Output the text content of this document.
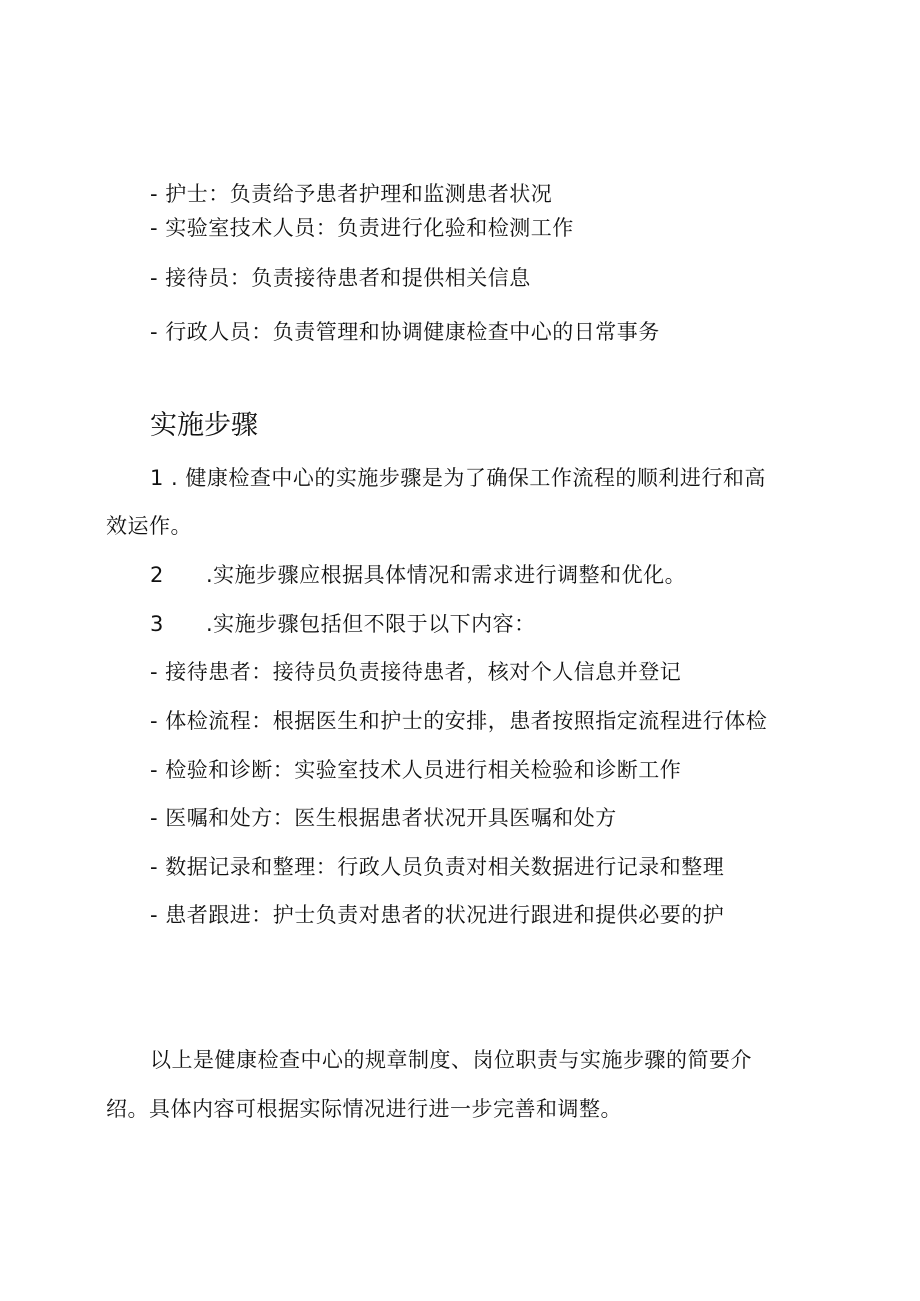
- 护士：负责给予患者护理和监测患者状况
- 实验室技术人员：负责进行化验和检测工作
- 接待员：负责接待患者和提供相关信息
- 行政人员：负责管理和协调健康检查中心的日常事务
实施步骤
1 . 健康检查中心的实施步骤是为了确保工作流程的顺利进行和高
效运作。
2 .实施步骤应根据具体情况和需求进行调整和优化。
3 .实施步骤包括但不限于以下内容：
- 接待患者：接待员负责接待患者，核对个人信息并登记
- 体检流程：根据医生和护士的安排，患者按照指定流程进行体检
- 检验和诊断：实验室技术人员进行相关检验和诊断工作
- 医嘱和处方：医生根据患者状况开具医嘱和处方
- 数据记录和整理：行政人员负责对相关数据进行记录和整理
- 患者跟进：护士负责对患者的状况进行跟进和提供必要的护
以上是健康检查中心的规章制度、岗位职责与实施步骤的简要介
绍。具体内容可根据实际情况进行进一步完善和调整。
